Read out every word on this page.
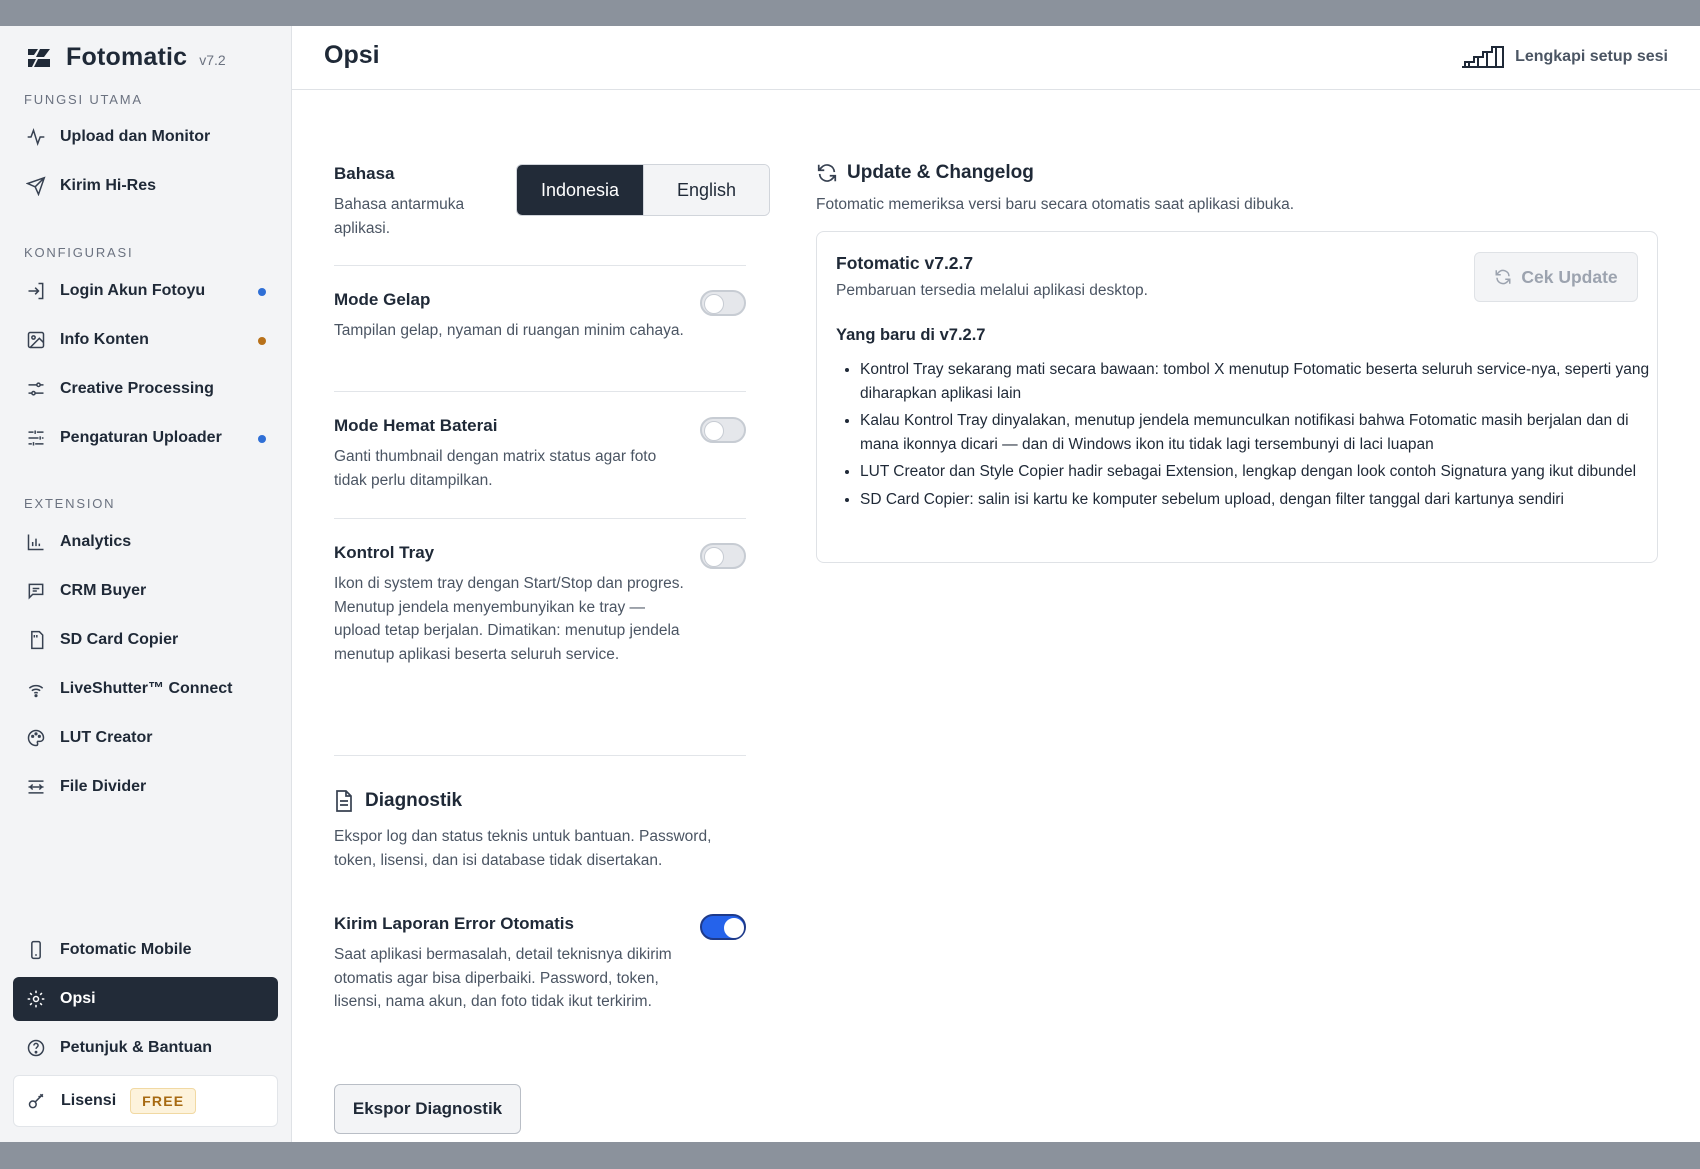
Fotomatic v7.2
FUNGSI UTAMA
Upload dan Monitor
Kirim Hi-Res
KONFIGURASI
Login Akun Fotoyu
Info Konten
Creative Processing
Pengaturan Uploader
EXTENSION
Analytics
CRM Buyer
SD Card Copier
LiveShutter™ Connect
LUT Creator
File Divider
Fotomatic Mobile
Opsi
Petunjuk & Bantuan
Lisensi	FREE
Opsi	Lengkapi setup sesi
Bahasa
Bahasa antarmuka aplikasi.
Indonesia	English
Mode Gelap
Tampilan gelap, nyaman di ruangan minim cahaya.
Mode Hemat Baterai
Ganti thumbnail dengan matrix status agar foto tidak perlu ditampilkan.
Kontrol Tray
Ikon di system tray dengan Start/Stop dan progres. Menutup jendela menyembunyikan ke tray — upload tetap berjalan. Dimatikan: menutup jendela menutup aplikasi beserta seluruh service.
Diagnostik
Ekspor log dan status teknis untuk bantuan. Password, token, lisensi, dan isi database tidak disertakan.
Kirim Laporan Error Otomatis
Saat aplikasi bermasalah, detail teknisnya dikirim otomatis agar bisa diperbaiki. Password, token, lisensi, nama akun, dan foto tidak ikut terkirim.
Ekspor Diagnostik
Update & Changelog
Fotomatic memeriksa versi baru secara otomatis saat aplikasi dibuka.
Fotomatic v7.2.7
Pembaruan tersedia melalui aplikasi desktop.
Cek Update
Yang baru di v7.2.7
• Kontrol Tray sekarang mati secara bawaan: tombol X menutup Fotomatic beserta seluruh service-nya, seperti yang diharapkan aplikasi lain
• Kalau Kontrol Tray dinyalakan, menutup jendela memunculkan notifikasi bahwa Fotomatic masih berjalan dan di mana ikonnya dicari — dan di Windows ikon itu tidak lagi tersembunyi di laci luapan
• LUT Creator dan Style Copier hadir sebagai Extension, lengkap dengan look contoh Signatura yang ikut dibundel
• SD Card Copier: salin isi kartu ke komputer sebelum upload, dengan filter tanggal dari kartunya sendiri
